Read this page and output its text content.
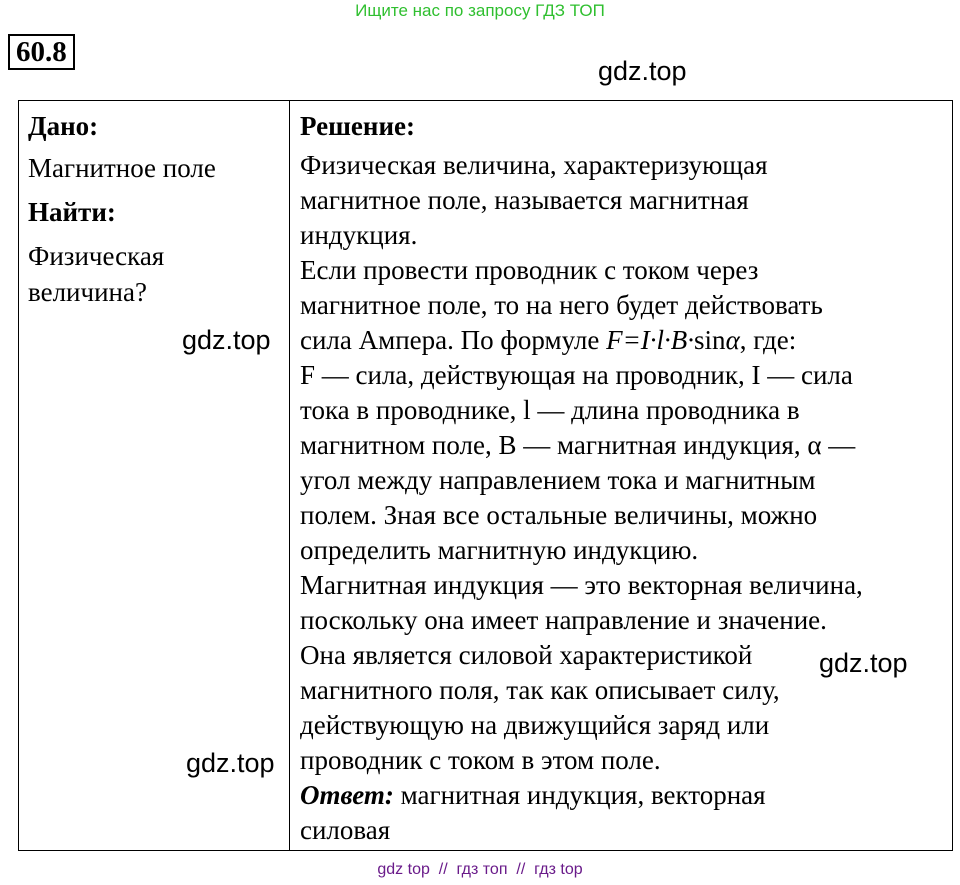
Ищите нас по запросу ГДЗ ТОП
60.8
gdz.top
gdz.top
gdz.top
gdz.top
Дано:
Магнитное поле
Найти:
Физическая
величина?
Решение:
Физическая величина, характеризующая
магнитное поле, называется магнитная
индукция.
Если провести проводник с током через
магнитное поле, то на него будет действовать
сила Ампера. По формуле F=I·l·B·sinα, где:
F — сила, действующая на проводник, I — сила
тока в проводнике, l — длина проводника в
магнитном поле, B — магнитная индукция, α —
угол между направлением тока и магнитным
полем. Зная все остальные величины, можно
определить магнитную индукцию.
Магнитная индукция — это векторная величина,
поскольку она имеет направление и значение.
Она является силовой характеристикой
магнитного поля, так как описывает силу,
действующую на движущийся заряд или
проводник с током в этом поле.
Ответ: магнитная индукция, векторная
силовая
gdz top  //  гдз топ  //  гдз top
